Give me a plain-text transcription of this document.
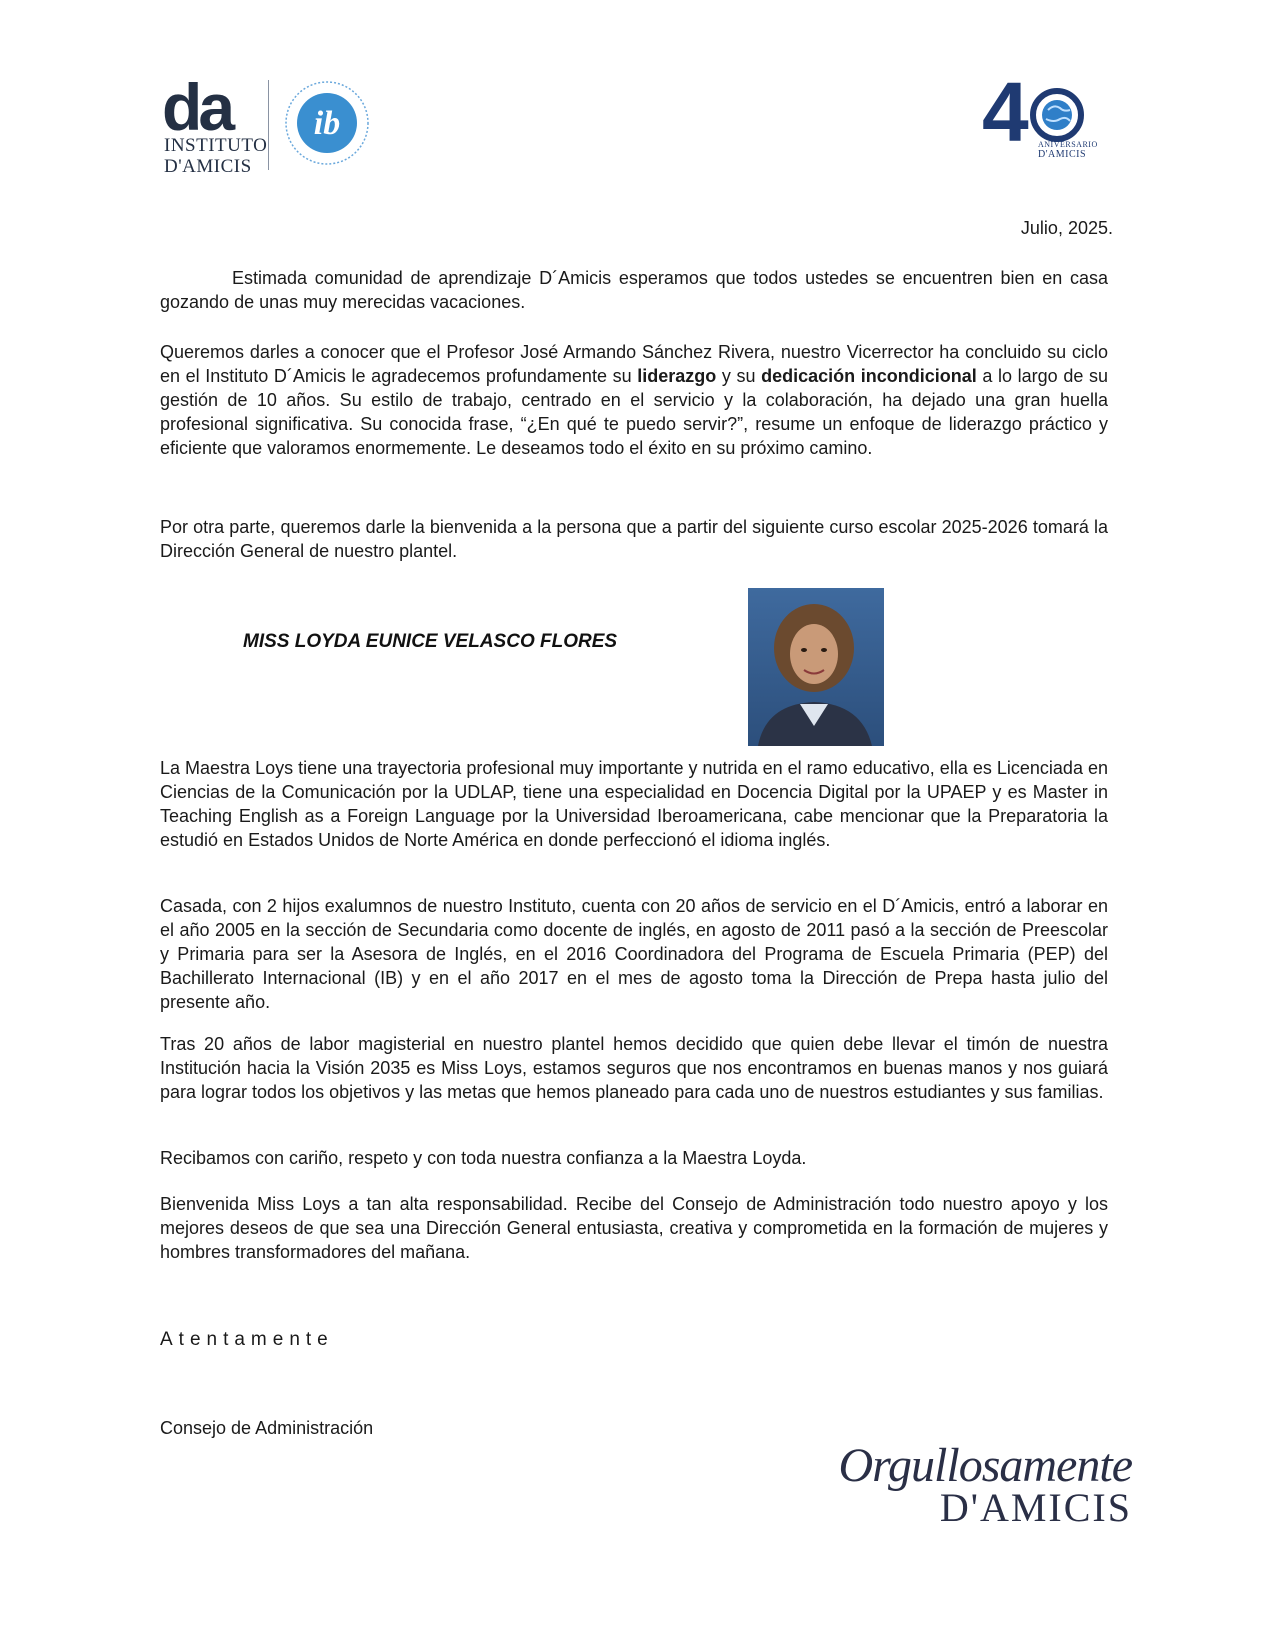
da
INSTITUTO
D'AMICIS
ib	4 ANIVERSARIO
D'AMICIS
Julio, 2025.

Estimada comunidad de aprendizaje D´Amicis esperamos que todos ustedes se encuentren bien en casa gozando de unas muy merecidas vacaciones.

Queremos darles a conocer que el Profesor José Armando Sánchez Rivera, nuestro Vicerrector ha concluido su ciclo en el Instituto D´Amicis le agradecemos profundamente su liderazgo y su dedicación incondicional a lo largo de su gestión de 10 años. Su estilo de trabajo, centrado en el servicio y la colaboración, ha dejado una gran huella profesional significativa. Su conocida frase, “¿En qué te puedo servir?”, resume un enfoque de liderazgo práctico y eficiente que valoramos enormemente. Le deseamos todo el éxito en su próximo camino.

Por otra parte, queremos darle la bienvenida a la persona que a partir del siguiente curso escolar 2025-2026 tomará la Dirección General de nuestro plantel.

MISS LOYDA EUNICE VELASCO FLORES

La Maestra Loys tiene una trayectoria profesional muy importante y nutrida en el ramo educativo, ella es Licenciada en Ciencias de la Comunicación por la UDLAP, tiene una especialidad en Docencia Digital por la UPAEP y es Master in Teaching English as a Foreign Language por la Universidad Iberoamericana, cabe mencionar que la Preparatoria la estudió en Estados Unidos de Norte América en donde perfeccionó el idioma inglés.

Casada, con 2 hijos exalumnos de nuestro Instituto, cuenta con 20 años de servicio en el D´Amicis, entró a laborar en el año 2005 en la sección de Secundaria como docente de inglés, en agosto de 2011 pasó a la sección de Preescolar y Primaria para ser la Asesora de Inglés, en el 2016 Coordinadora del Programa de Escuela Primaria (PEP) del Bachillerato Internacional (IB) y en el año 2017 en el mes de agosto toma la Dirección de Prepa hasta julio del presente año.

Tras 20 años de labor magisterial en nuestro plantel hemos decidido que quien debe llevar el timón de nuestra Institución hacia la Visión 2035 es Miss Loys, estamos seguros que nos encontramos en buenas manos y nos guiará para lograr todos los objetivos y las metas que hemos planeado para cada uno de nuestros estudiantes y sus familias.

Recibamos con cariño, respeto y con toda nuestra confianza a la Maestra Loyda.

Bienvenida Miss Loys a tan alta responsabilidad. Recibe del Consejo de Administración todo nuestro apoyo y los mejores deseos de que sea una Dirección General entusiasta, creativa y comprometida en la formación de mujeres y hombres transformadores del mañana.

Atentamente
Consejo de Administración
Orgullosamente
D'AMICIS
